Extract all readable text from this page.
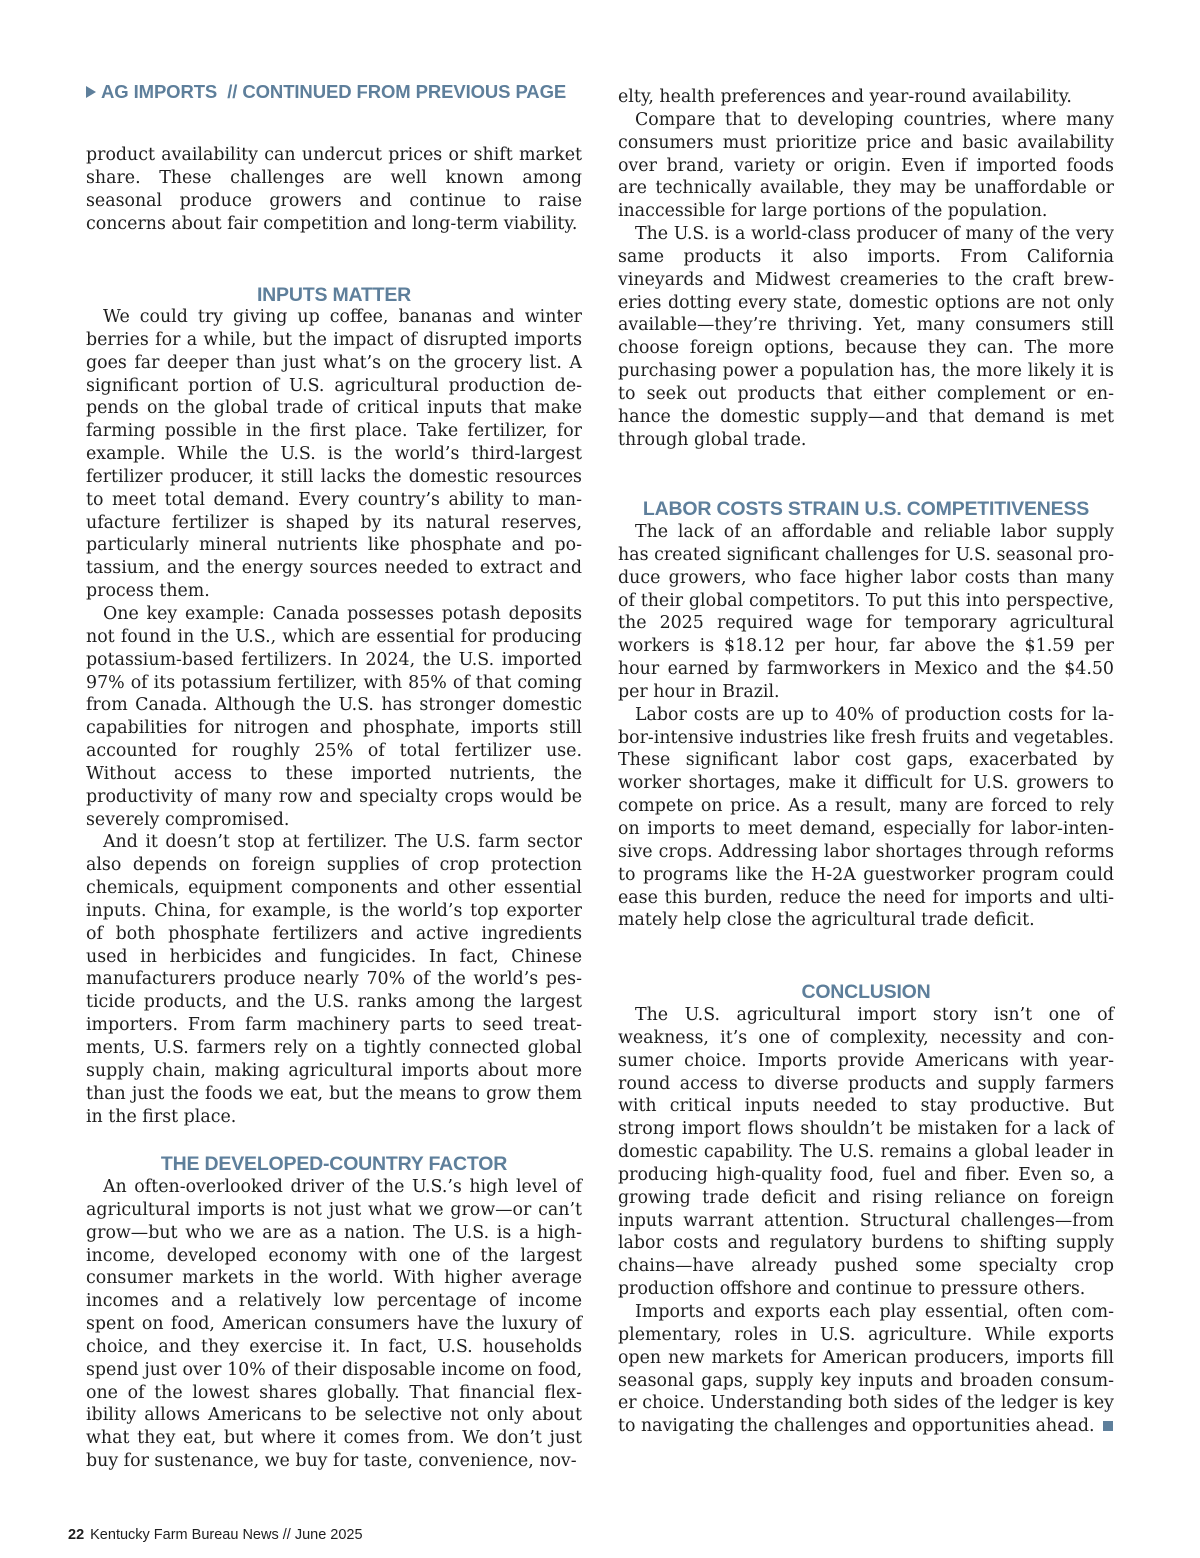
AG IMPORTS // CONTINUED FROM PREVIOUS PAGE

product availability can undercut prices or shift market share. These challenges are well known among seasonal produce growers and continue to raise concerns about fair competition and long-term viability.

INPUTS MATTER

We could try giving up coffee, bananas and winter berries for a while, but the impact of disrupted imports goes far deeper than just what’s on the grocery list. A significant portion of U.S. agricultural production depends on the global trade of critical inputs that make farming possible in the first place. Take fertilizer, for example. While the U.S. is the world’s third-largest fertilizer producer, it still lacks the domestic resources to meet total demand. Every country’s ability to manufacture fertilizer is shaped by its natural reserves, particularly mineral nutrients like phosphate and potassium, and the energy sources needed to extract and process them.

One key example: Canada possesses potash deposits not found in the U.S., which are essential for producing potassium-based fertilizers. In 2024, the U.S. imported 97% of its potassium fertilizer, with 85% of that coming from Canada. Although the U.S. has stronger domestic capabilities for nitrogen and phosphate, imports still accounted for roughly 25% of total fertilizer use. Without access to these imported nutrients, the productivity of many row and specialty crops would be severely compromised.

And it doesn’t stop at fertilizer. The U.S. farm sector also depends on foreign supplies of crop protection chemicals, equipment components and other essential inputs. China, for example, is the world’s top exporter of both phosphate fertilizers and active ingredients used in herbicides and fungicides. In fact, Chinese manufacturers produce nearly 70% of the world’s pesticide products, and the U.S. ranks among the largest importers. From farm machinery parts to seed treatments, U.S. farmers rely on a tightly connected global supply chain, making agricultural imports about more than just the foods we eat, but the means to grow them in the first place.

THE DEVELOPED-COUNTRY FACTOR

An often-overlooked driver of the U.S.’s high level of agricultural imports is not just what we grow—or can’t grow—but who we are as a nation. The U.S. is a high-income, developed economy with one of the largest consumer markets in the world. With higher average incomes and a relatively low percentage of income spent on food, American consumers have the luxury of choice, and they exercise it. In fact, U.S. households spend just over 10% of their disposable income on food, one of the lowest shares globally. That financial flexibility allows Americans to be selective not only about what they eat, but where it comes from. We don’t just buy for sustenance, we buy for taste, convenience, nov-

elty, health preferences and year-round availability.

Compare that to developing countries, where many consumers must prioritize price and basic availability over brand, variety or origin. Even if imported foods are technically available, they may be unaffordable or inaccessible for large portions of the population.

The U.S. is a world-class producer of many of the very same products it also imports. From California vineyards and Midwest creameries to the craft breweries dotting every state, domestic options are not only available—they’re thriving. Yet, many consumers still choose foreign options, because they can. The more purchasing power a population has, the more likely it is to seek out products that either complement or enhance the domestic supply—and that demand is met through global trade.

LABOR COSTS STRAIN U.S. COMPETITIVENESS

The lack of an affordable and reliable labor supply has created significant challenges for U.S. seasonal produce growers, who face higher labor costs than many of their global competitors. To put this into perspective, the 2025 required wage for temporary agricultural workers is $18.12 per hour, far above the $1.59 per hour earned by farmworkers in Mexico and the $4.50 per hour in Brazil.

Labor costs are up to 40% of production costs for labor-intensive industries like fresh fruits and vegetables. These significant labor cost gaps, exacerbated by worker shortages, make it difficult for U.S. growers to compete on price. As a result, many are forced to rely on imports to meet demand, especially for labor-intensive crops. Addressing labor shortages through reforms to programs like the H-2A guestworker program could ease this burden, reduce the need for imports and ultimately help close the agricultural trade deficit.

CONCLUSION

The U.S. agricultural import story isn’t one of weakness, it’s one of complexity, necessity and consumer choice. Imports provide Americans with year-round access to diverse products and supply farmers with critical inputs needed to stay productive. But strong import flows shouldn’t be mistaken for a lack of domestic capability. The U.S. remains a global leader in producing high-quality food, fuel and fiber. Even so, a growing trade deficit and rising reliance on foreign inputs warrant attention. Structural challenges—from labor costs and regulatory burdens to shifting supply chains—have already pushed some specialty crop production offshore and continue to pressure others.

Imports and exports each play essential, often complementary, roles in U.S. agriculture. While exports open new markets for American producers, imports fill seasonal gaps, supply key inputs and broaden consumer choice. Understanding both sides of the ledger is key to navigating the challenges and opportunities ahead.

22 Kentucky Farm Bureau News // June 2025
